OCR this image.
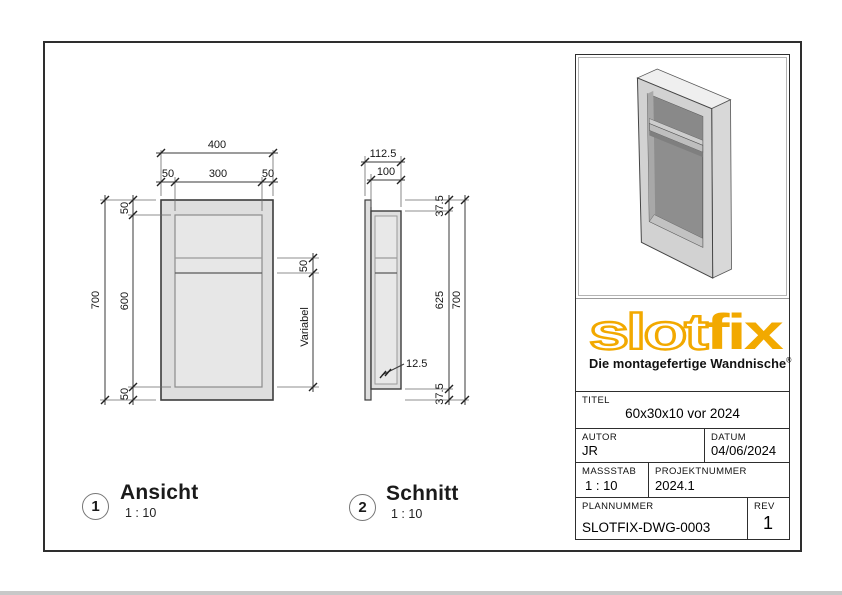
400
50	300	50
700
50
600
50
50
Variabel
112.5
100
37.5
625
37.5
700
12.5
1
Ansicht
1 : 10	2
Schnitt
1 : 10
slot fix
Die montagefertige Wandnische®
TITEL
60x30x10 vor 2024
AUTOR
JR
DATUM
04/06/2024
MASSSTAB
1 : 10
PROJEKTNUMMER
2024.1
PLANNUMMER
SLOTFIX-DWG-0003
REV
1
